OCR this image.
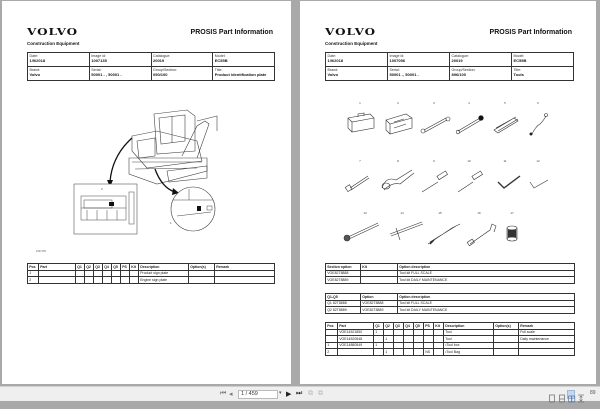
VOLVO	PROSIS Part Information
Construction Equipment
Date:
1/9/2018	Image id:
1007135	Catalogue:
20019	Model:
EC55B

Brand:
Volvo	Serial:
50001 - , 50001 -	Group/Section:
050/100	Title:
Product identification plate
2
1
1007135
Pos	Part	Q1	Q2	Q3	Q4	Q5	PS	Kit	Description	Option(s)	Remark
1									Product sign plate		
2									Engine sign plate		
VOLVO	PROSIS Part Information
Construction Equipment
Date:
1/9/2018	Image id:
1007056	Catalogue:
20019	Model:
EC55B

Brand:
Volvo	Serial:
50001 -, 50001 -	Group/Section:
896/100	Title:
Tools
1	2	3	4	5	6
7	8	9	10	11	12
13	14	15	16	17
Section option	Kit	Option description
VOE82T8888		Tool kit FULL SCALE
VOE82T8889		Tool kit DAILY MAINTENANCE
Q1-Q5	Option	Option description
Q1 82T8888	VOE82T8888	Tool kit FULL SCALE
Q2 82T8889	VOE82T8889	Tool kit DAILY MAINTENANCE
Pos	Part	Q1	Q2	Q3	Q4	Q5	PS	Kit	Description	Option(s)	Remark
	VOE14521850	1							Tool		Full scale
	VOE14520548		1						Tool		Daily maintenance
1	VOE14880549	1							•Tool box		
2			1				NS		•Tool Bag		
⏮ ◂	1 / 459	▾ ▶ ⏭ ⧉ ⧉	89
